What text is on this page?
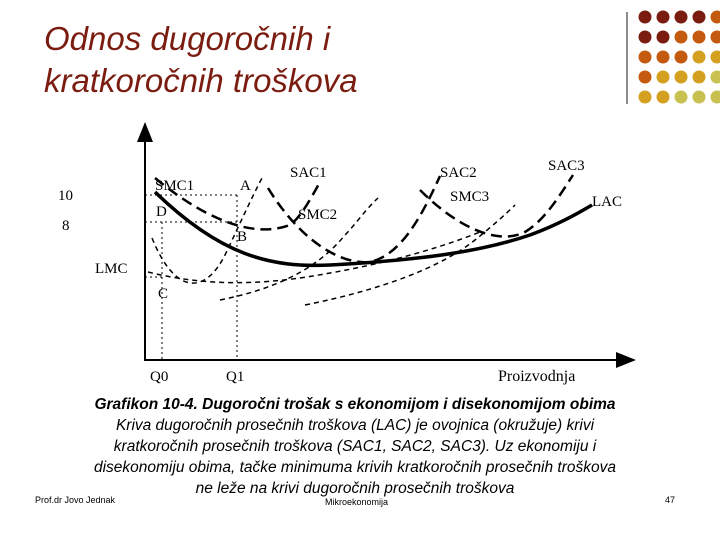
Odnos dugoročnih i
kratkoročnih troškova
10
8
Q0	Q1	Proizvodnja
SAC1	SAC2	SAC3
SMC1
SMC2
SMC3	LAC
LMC
A
B
C
D
Grafikon 10-4. Dugoročni trošak s ekonomijom i disekonomijom obima
Kriva dugoročnih prosečnih troškova (LAC) je ovojnica (okružuje) krivi
kratkoročnih prosečnih troškova (SAC1, SAC2, SAC3). Uz ekonomiju i
disekonomiju obima, tačke minimuma krivih kratkoročnih prosečnih troškova
ne leže na krivi dugoročnih prosečnih troškova
Prof.dr Jovo Jednak	Mikroekonomija	47
